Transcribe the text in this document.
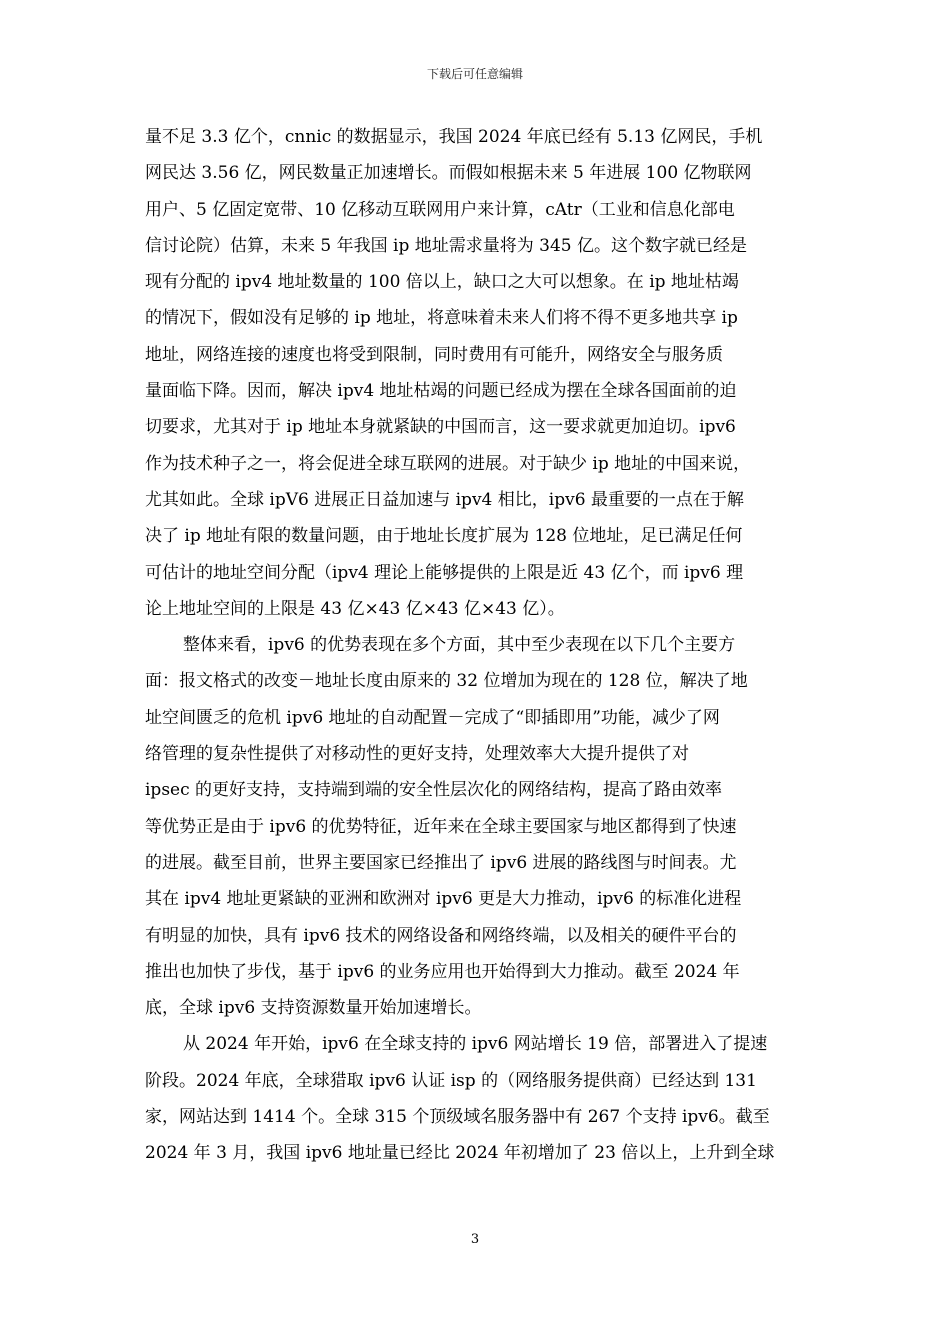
下载后可任意编辑

量不足 3.3 亿个，cnnic 的数据显示，我国 2024 年底已经有 5.13 亿网民，手机
网民达 3.56 亿，网民数量正加速增长。而假如根据未来 5 年进展 100 亿物联网
用户、5 亿固定宽带、10 亿移动互联网用户来计算，cAtr（工业和信息化部电
信讨论院）估算，未来 5 年我国 ip 地址需求量将为 345 亿。这个数字就已经是
现有分配的 ipv4 地址数量的 100 倍以上，缺口之大可以想象。在 ip 地址枯竭
的情况下，假如没有足够的 ip 地址，将意味着未来人们将不得不更多地共享 ip
地址，网络连接的速度也将受到限制，同时费用有可能升，网络安全与服务质
量面临下降。因而，解决 ipv4 地址枯竭的问题已经成为摆在全球各国面前的迫
切要求，尤其对于 ip 地址本身就紧缺的中国而言，这一要求就更加迫切。ipv6
作为技术种子之一，将会促进全球互联网的进展。对于缺少 ip 地址的中国来说，
尤其如此。全球 ipV6 进展正日益加速与 ipv4 相比，ipv6 最重要的一点在于解
决了 ip 地址有限的数量问题，由于地址长度扩展为 128 位地址，足已满足任何
可估计的地址空间分配（ipv4 理论上能够提供的上限是近 43 亿个，而 ipv6 理
论上地址空间的上限是 43 亿×43 亿×43 亿×43 亿）。

整体来看，ipv6 的优势表现在多个方面，其中至少表现在以下几个主要方
面：报文格式的改变－地址长度由原来的 32 位增加为现在的 128 位，解决了地
址空间匮乏的危机 ipv6 地址的自动配置－完成了“即插即用”功能，减少了网
络管理的复杂性提供了对移动性的更好支持，处理效率大大提升提供了对
ipsec 的更好支持，支持端到端的安全性层次化的网络结构，提高了路由效率
等优势正是由于 ipv6 的优势特征，近年来在全球主要国家与地区都得到了快速
的进展。截至目前，世界主要国家已经推出了 ipv6 进展的路线图与时间表。尤
其在 ipv4 地址更紧缺的亚洲和欧洲对 ipv6 更是大力推动，ipv6 的标准化进程
有明显的加快，具有 ipv6 技术的网络设备和网络终端，以及相关的硬件平台的
推出也加快了步伐，基于 ipv6 的业务应用也开始得到大力推动。截至 2024 年
底，全球 ipv6 支持资源数量开始加速增长。

从 2024 年开始，ipv6 在全球支持的 ipv6 网站增长 19 倍，部署进入了提速
阶段。2024 年底，全球猎取 ipv6 认证 isp 的（网络服务提供商）已经达到 131
家，网站达到 1414 个。全球 315 个顶级域名服务器中有 267 个支持 ipv6。截至
2024 年 3 月，我国 ipv6 地址量已经比 2024 年初增加了 23 倍以上，上升到全球

3
